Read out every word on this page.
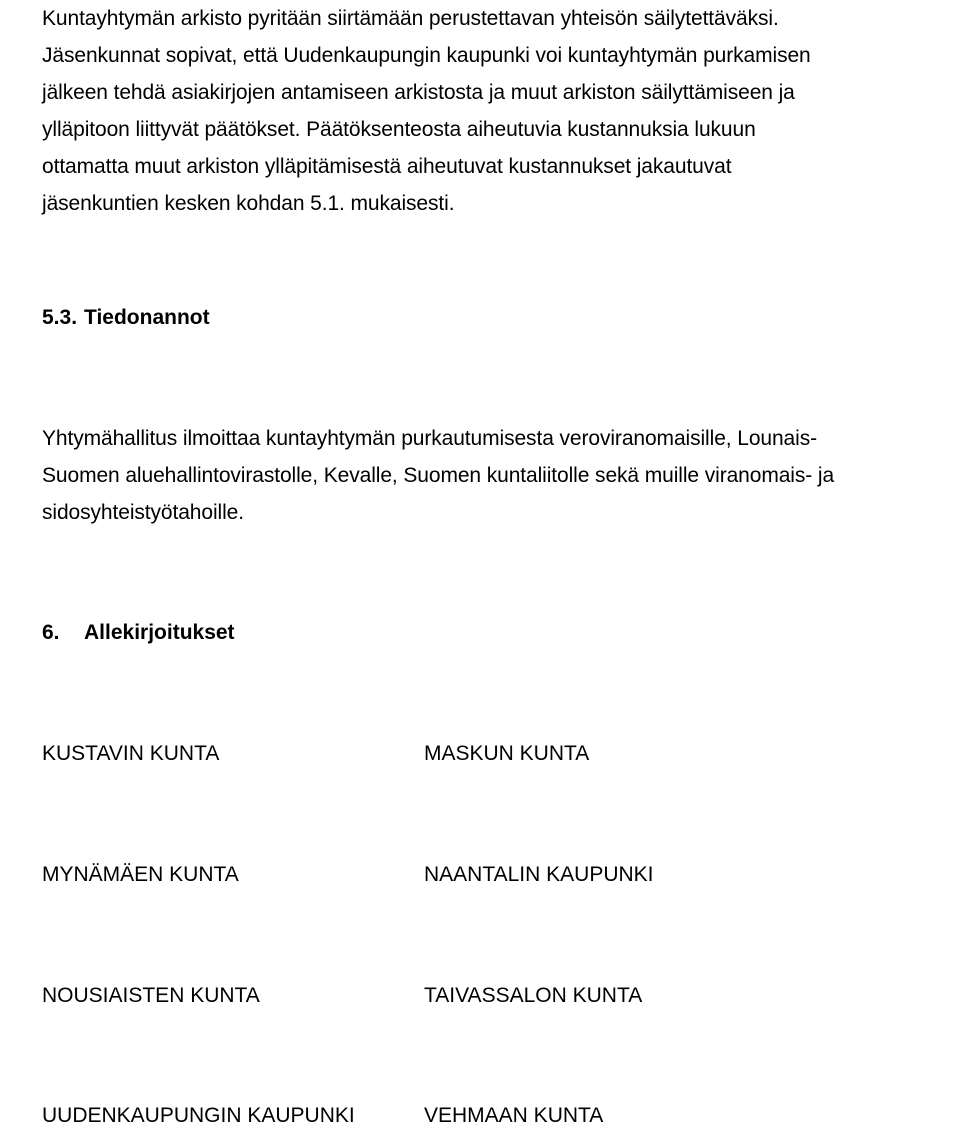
Kuntayhtymän arkisto pyritään siirtämään perustettavan yhteisön säilytettäväksi.
Jäsenkunnat sopivat, että Uudenkaupungin kaupunki voi kuntayhtymän purkamisen
jälkeen tehdä asiakirjojen antamiseen arkistosta ja muut arkiston säilyttämiseen ja
ylläpitoon liittyvät päätökset. Päätöksenteosta aiheutuvia kustannuksia lukuun
ottamatta muut arkiston ylläpitämisestä aiheutuvat kustannukset jakautuvat
jäsenkuntien kesken kohdan 5.1. mukaisesti.

5.3. Tiedonannot

Yhtymähallitus ilmoittaa kuntayhtymän purkautumisesta veroviranomaisille, Lounais-
Suomen aluehallintovirastolle, Kevalle, Suomen kuntaliitolle sekä muille viranomais- ja
sidosyhteistyötahoille.

6. Allekirjoitukset
KUSTAVIN KUNTA	MASKUN KUNTA
MYNÄMÄEN KUNTA	NAANTALIN KAUPUNKI
NOUSIAISTEN KUNTA	TAIVASSALON KUNTA
UUDENKAUPUNGIN KAUPUNKI	VEHMAAN KUNTA
